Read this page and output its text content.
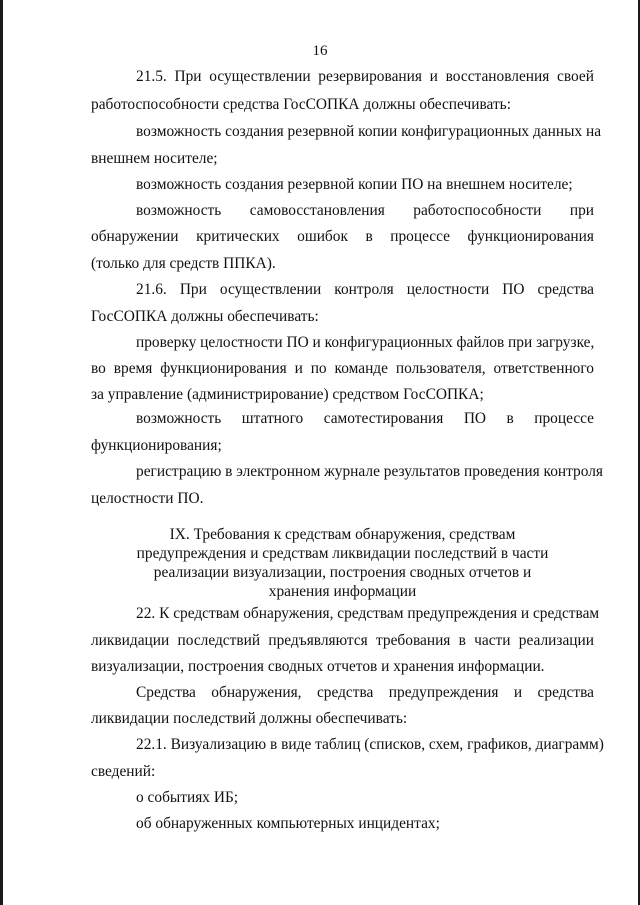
16
21.5. При осуществлении резервирования и восстановления своей
работоспособности средства ГосСОПКА должны обеспечивать:
возможность создания резервной копии конфигурационных данных на
внешнем носителе;
возможность создания резервной копии ПО на внешнем носителе;
возможность самовосстановления работоспособности при
обнаружении критических ошибок в процессе функционирования
(только для средств ППКА).
21.6. При осуществлении контроля целостности ПО средства
ГосСОПКА должны обеспечивать:
проверку целостности ПО и конфигурационных файлов при загрузке,
во время функционирования и по команде пользователя, ответственного
за управление (администрирование) средством ГосСОПКА;
возможность штатного самотестирования ПО в процессе
функционирования;
регистрацию в электронном журнале результатов проведения контроля
целостности ПО.
IX. Требования к средствам обнаружения, средствам
предупреждения и средствам ликвидации последствий в части
реализации визуализации, построения сводных отчетов и
хранения информации
22. К средствам обнаружения, средствам предупреждения и средствам
ликвидации последствий предъявляются требования в части реализации
визуализации, построения сводных отчетов и хранения информации.
Средства обнаружения, средства предупреждения и средства
ликвидации последствий должны обеспечивать:
22.1. Визуализацию в виде таблиц (списков, схем, графиков, диаграмм)
сведений:
о событиях ИБ;
об обнаруженных компьютерных инцидентах;
